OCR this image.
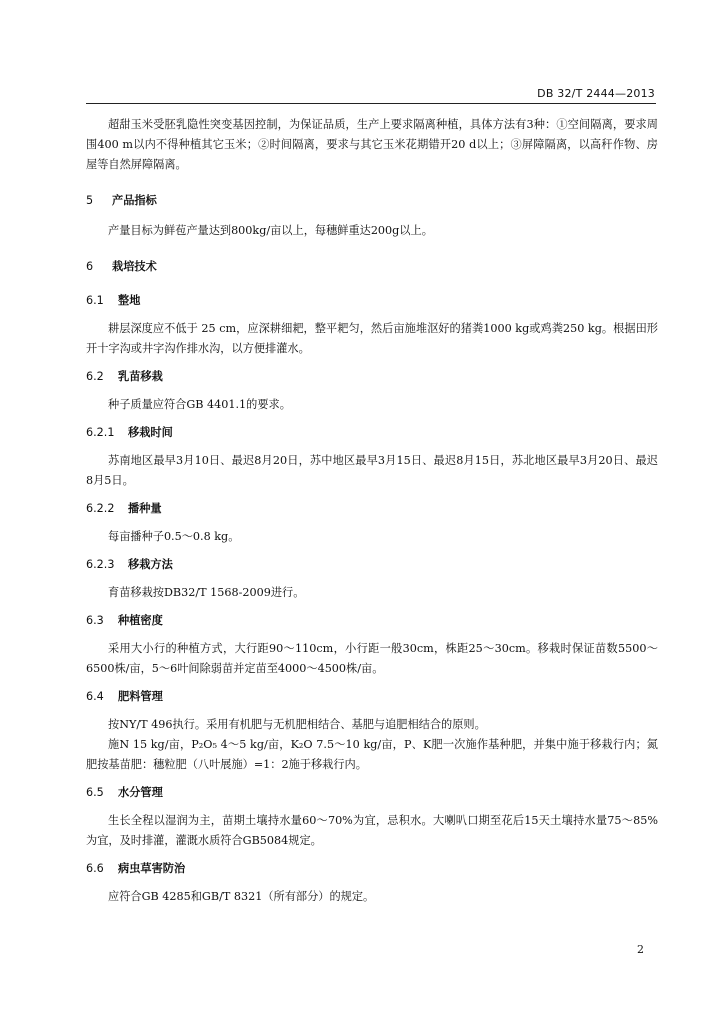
DB 32/T 2444—2013

超甜玉米受胚乳隐性突变基因控制，为保证品质，生产上要求隔离种植，具体方法有3种：①空间隔离，要求周围400 m以内不得种植其它玉米；②时间隔离，要求与其它玉米花期错开20 d以上；③屏障隔离，以高秆作物、房屋等自然屏障隔离。

5 产品指标

产量目标为鲜苞产量达到800kg/亩以上，每穗鲜重达200g以上。

6 栽培技术
6.1 整地

耕层深度应不低于 25 cm，应深耕细耙，整平耙匀，然后亩施堆沤好的猪粪1000 kg或鸡粪250 kg。根据田形开十字沟或井字沟作排水沟，以方便排灌水。

6.2 乳苗移栽

种子质量应符合GB 4401.1的要求。

6.2.1 移栽时间

苏南地区最早3月10日、最迟8月20日，苏中地区最早3月15日、最迟8月15日，苏北地区最早3月20日、最迟8月5日。

6.2.2 播种量

每亩播种子0.5～0.8 kg。

6.2.3 移栽方法

育苗移栽按DB32/T 1568-2009进行。

6.3 种植密度

采用大小行的种植方式，大行距90～110cm，小行距一般30cm，株距25～30cm。移栽时保证苗数5500～6500株/亩，5～6叶间除弱苗并定苗至4000～4500株/亩。

6.4 肥料管理

按NY/T 496执行。采用有机肥与无机肥相结合、基肥与追肥相结合的原则。

施N 15 kg/亩，P₂O₅ 4～5 kg/亩，K₂O 7.5～10 kg/亩，P、K肥一次施作基种肥，并集中施于移栽行内；氮肥按基苗肥：穗粒肥（八叶展施）=1：2施于移栽行内。

6.5 水分管理

生长全程以湿润为主，苗期土壤持水量60～70%为宜，忌积水。大喇叭口期至花后15天土壤持水量75～85%为宜，及时排灌，灌溉水质符合GB5084规定。

6.6 病虫草害防治

应符合GB 4285和GB/T 8321（所有部分）的规定。

2
